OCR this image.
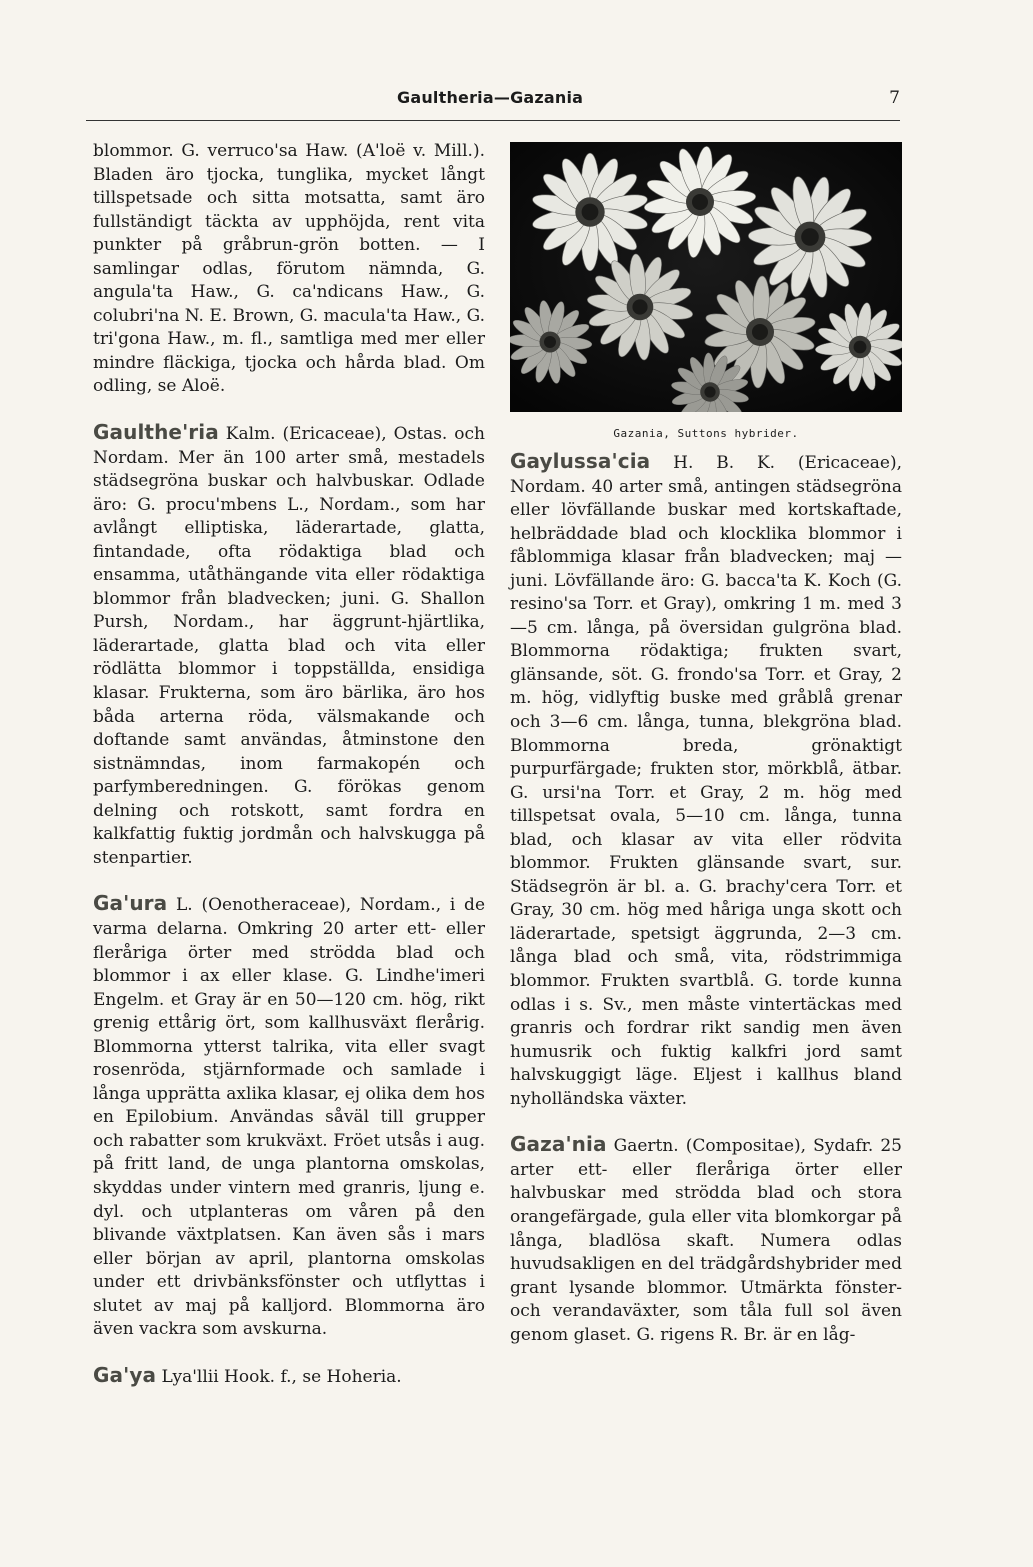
Gaultheria—Gazania	7

blommor. G. verruco'sa Haw. (A'loë v. Mill.). Bladen äro tjocka, tunglika, mycket långt tillspetsade och sitta motsatta, samt äro fullständigt täckta av upphöjda, rent vita punkter på gråbrun-grön botten. — I samlingar odlas, förutom nämnda, G. angula'ta Haw., G. ca'ndicans Haw., G. colubri'na N. E. Brown, G. macula'ta Haw., G. tri'gona Haw., m. fl., samtliga med mer eller mindre fläckiga, tjocka och hårda blad. Om odling, se Aloë.

Gaulthe'ria Kalm. (Ericaceae), Ostas. och Nordam. Mer än 100 arter små, mestadels städsegröna buskar och halvbuskar. Odlade äro: G. procu'mbens L., Nordam., som har avlångt elliptiska, läderartade, glatta, fintandade, ofta rödaktiga blad och ensamma, utåthängande vita eller rödaktiga blommor från bladvecken; juni. G. Shallon Pursh, Nordam., har äggrunt-hjärtlika, läderartade, glatta blad och vita eller rödlätta blommor i toppställda, ensidiga klasar. Frukterna, som äro bärlika, äro hos båda arterna röda, välsmakande och doftande samt användas, åtminstone den sistnämndas, inom farmakopén och parfymberedningen. G. förökas genom delning och rotskott, samt fordra en kalkfattig fuktig jordmån och halvskugga på stenpartier.

Ga'ura L. (Oenotheraceae), Nordam., i de varma delarna. Omkring 20 arter ett- eller fleråriga örter med strödda blad och blommor i ax eller klase. G. Lindhe'imeri Engelm. et Gray är en 50—120 cm. hög, rikt grenig ettårig ört, som kallhusväxt flerårig. Blommorna ytterst talrika, vita eller svagt rosenröda, stjärnformade och samlade i långa upprätta axlika klasar, ej olika dem hos en Epilobium. Användas såväl till grupper och rabatter som krukväxt. Fröet utsås i aug. på fritt land, de unga plantorna omskolas, skyddas under vintern med granris, ljung e. dyl. och utplanteras om våren på den blivande växtplatsen. Kan även sås i mars eller början av april, plantorna omskolas under ett drivbänksfönster och utflyttas i slutet av maj på kalljord. Blommorna äro även vackra som avskurna.

Ga'ya Lya'llii Hook. f., se Hoheria.

Gazania, Suttons hybrider.

Gaylussa'cia H. B. K. (Ericaceae), Nordam. 40 arter små, antingen städsegröna eller lövfällande buskar med kortskaftade, helbräddade blad och klocklika blommor i fåblommiga klasar från bladvecken; maj —juni. Lövfällande äro: G. bacca'ta K. Koch (G. resino'sa Torr. et Gray), omkring 1 m. med 3—5 cm. långa, på översidan gulgröna blad. Blommorna rödaktiga; frukten svart, glänsande, söt. G. frondo'sa Torr. et Gray, 2 m. hög, vidlyftig buske med gråblå grenar och 3—6 cm. långa, tunna, blekgröna blad. Blommorna breda, grönaktigt purpurfärgade; frukten stor, mörkblå, ätbar. G. ursi'na Torr. et Gray, 2 m. hög med tillspetsat ovala, 5—10 cm. långa, tunna blad, och klasar av vita eller rödvita blommor. Frukten glänsande svart, sur. Städsegrön är bl. a. G. brachy'cera Torr. et Gray, 30 cm. hög med håriga unga skott och läderartade, spetsigt äggrunda, 2—3 cm. långa blad och små, vita, rödstrimmiga blommor. Frukten svartblå. G. torde kunna odlas i s. Sv., men måste vintertäckas med granris och fordrar rikt sandig men även humusrik och fuktig kalkfri jord samt halvskuggigt läge. Eljest i kallhus bland nyholländska växter.

Gaza'nia Gaertn. (Compositae), Sydafr. 25 arter ett- eller fleråriga örter eller halvbuskar med strödda blad och stora orangefärgade, gula eller vita blomkorgar på långa, bladlösa skaft. Numera odlas huvudsakligen en del trädgårdshybrider med grant lysande blommor. Utmärkta fönster- och verandaväxter, som tåla full sol även genom glaset. G. rigens R. Br. är en låg-
